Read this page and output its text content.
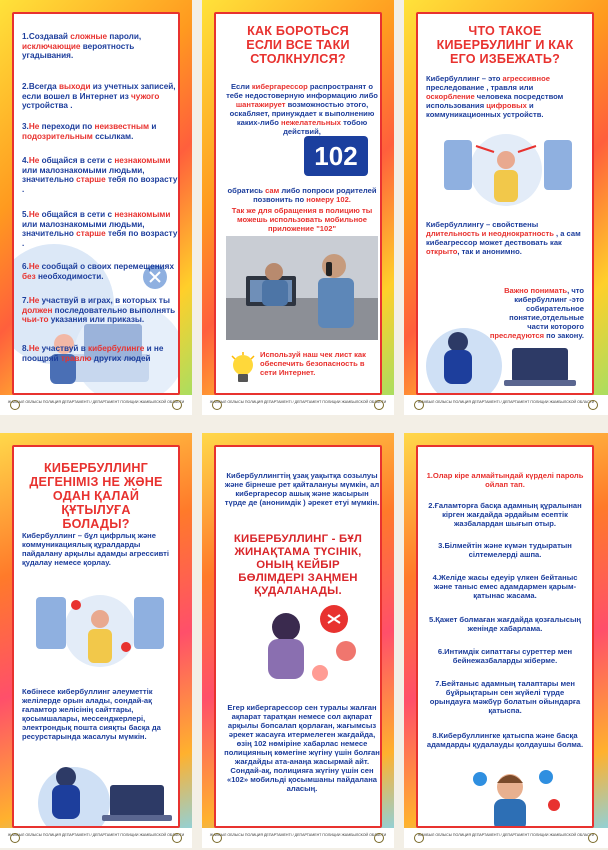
1.Создавай сложные пароли, исключающие вероятность угадывания.
2.Всегда выходи из учетных записей, если вошел в Интернет из чужого устройства .
3.Не переходи по неизвестным и подозрительным ссылкам.
4.Не общайся в сети с незнакомыми или малознакомыми людьми, значительно старше тебя по возрасту .
5.Не общайся в сети с незнакомыми или малознакомыми людьми, значительно старше тебя по возрасту .
6.Не сообщай о своих перемещениях без необходимости.
7.Не участвуй в играх, в которых ты должен последовательно выполнять чьи-то указания или приказы.
8.Не участвуй в кибербулинге и не поощряй травлю других людей
ЖАМБЫЛ ОБЛЫСЫ ПОЛИЦИЯ ДЕПАРТАМЕНТІ / ДЕПАРТАМЕНТ ПОЛИЦИИ ЖАМБЫЛСКОЙ ОБЛАСТИ
КАК БОРОТЬСЯ ЕСЛИ ВСЕ ТАКИ СТОЛКНУЛСЯ?
Если кибергарессор распространят о тебе недостоверную информацию либо шантажирует возможностью этого, оскабляет, принуждает к выполнению каких-либо нежелательных тобою действий,
102
обратись сам либо попроси родителей позвонить по номеру 102.
Так же для обращения в полицию ты можешь использовать мобильное приложение "102"
Используй наш чек лист как обеспечить безопасность в сети Интернет.
ЖАМБЫЛ ОБЛЫСЫ ПОЛИЦИЯ ДЕПАРТАМЕНТІ / ДЕПАРТАМЕНТ ПОЛИЦИИ ЖАМБЫЛСКОЙ ОБЛАСТИ
ЧТО ТАКОЕ КИБЕРБУЛИНГ И КАК ЕГО ИЗБЕЖАТЬ?
Кибербуллинг – это агрессивное преследование , травля или оскорбление человека посредством использования цифровых и коммуникационных устройств.
Кибербуллингу – свойствены длительность и неоднократность , а сам кибеагрессор может дествовать как открыто, так и анонимно.
Важно понимать, что кибербуллинг -это собирательное понятие,отдельные части которого преследуются по закону.
ЖАМБЫЛ ОБЛЫСЫ ПОЛИЦИЯ ДЕПАРТАМЕНТІ / ДЕПАРТАМЕНТ ПОЛИЦИИ ЖАМБЫЛСКОЙ ОБЛАСТИ
КИБЕРБУЛЛИНГ ДЕГЕНІМІЗ НЕ ЖӘНЕ ОДАН ҚАЛАЙ ҚҰТЫЛУҒА БОЛАДЫ?
Кибербуллинг – бұл цифрлық және коммуникациялық құралдарды пайдалану арқылы адамды агрессивті қудалау немесе қорлау.
Көбінесе кибербуллинг әлеуметтік желілерде орын алады, сондай-ақ ғаламтор желісінің сайттары, қосымшалары, мессенджерлері, электрондық пошта сияқты басқа да ресурстарында жасалуы мүмкін.
ЖАМБЫЛ ОБЛЫСЫ ПОЛИЦИЯ ДЕПАРТАМЕНТІ / ДЕПАРТАМЕНТ ПОЛИЦИИ ЖАМБЫЛСКОЙ ОБЛАСТИ
Кибербуллингтің ұзақ уақытқа созылуы және бірнеше рет қайталануы мүмкін, ал кибергаресор ашық және жасырын түрде де (анонимдік ) әрекет етуі мүмкін.
КИБЕРБУЛЛИНГ - БҰЛ ЖИНАҚТАМА ТҮСІНІК, ОНЫҢ КЕЙБІР БӨЛІМДЕРІ ЗАҢМЕН ҚУДАЛАНАДЫ.
Егер кибергарессор сен туралы жалған ақпарат таратқан немесе сол ақпарат арқылы бопсалап қорлаған, жағымсыз әрекет жасауға итермелеген жағдайда, өзің 102 нөміріне хабарлас немесе полицияның көмегіне жүгіну үшін болған жағдайды ата-анаңа жасырмай айт. Сондай-ақ, полицияға жүгіну үшін сен «102» мобильді қосымшаны пайдалана аласың.
ЖАМБЫЛ ОБЛЫСЫ ПОЛИЦИЯ ДЕПАРТАМЕНТІ / ДЕПАРТАМЕНТ ПОЛИЦИИ ЖАМБЫЛСКОЙ ОБЛАСТИ
1.Олар кіре алмайтындай күрделі пароль ойлап тап.
2.Ғаламторға басқа адамның құралынан кірген жағдайда әрдайым есептік жазбалардан шығып отыр.
3.Білмейтін және күмән тудыратын сілтемелерді ашпа.
4.Желіде жасы едеуір үлкен бейтаныс және таныс емес адамдармен қарым-қатынас жасама.
5.Қажет болмаған жағдайда қозғалысың женінде хабарлама.
6.Интимдік сипаттағы суреттер мен бейнежазбаларды жіберме.
7.Бейтаныс адамның талаптары мен бұйрықтарын сен жүйелі түрде орындауға мәжбүр болатын ойындарға қатыспа.
8.Кибербуллингке қатыспа және басқа адамдарды қудалауды қолдаушы болма.
ЖАМБЫЛ ОБЛЫСЫ ПОЛИЦИЯ ДЕПАРТАМЕНТІ / ДЕПАРТАМЕНТ ПОЛИЦИИ ЖАМБЫЛСКОЙ ОБЛАСТИ
